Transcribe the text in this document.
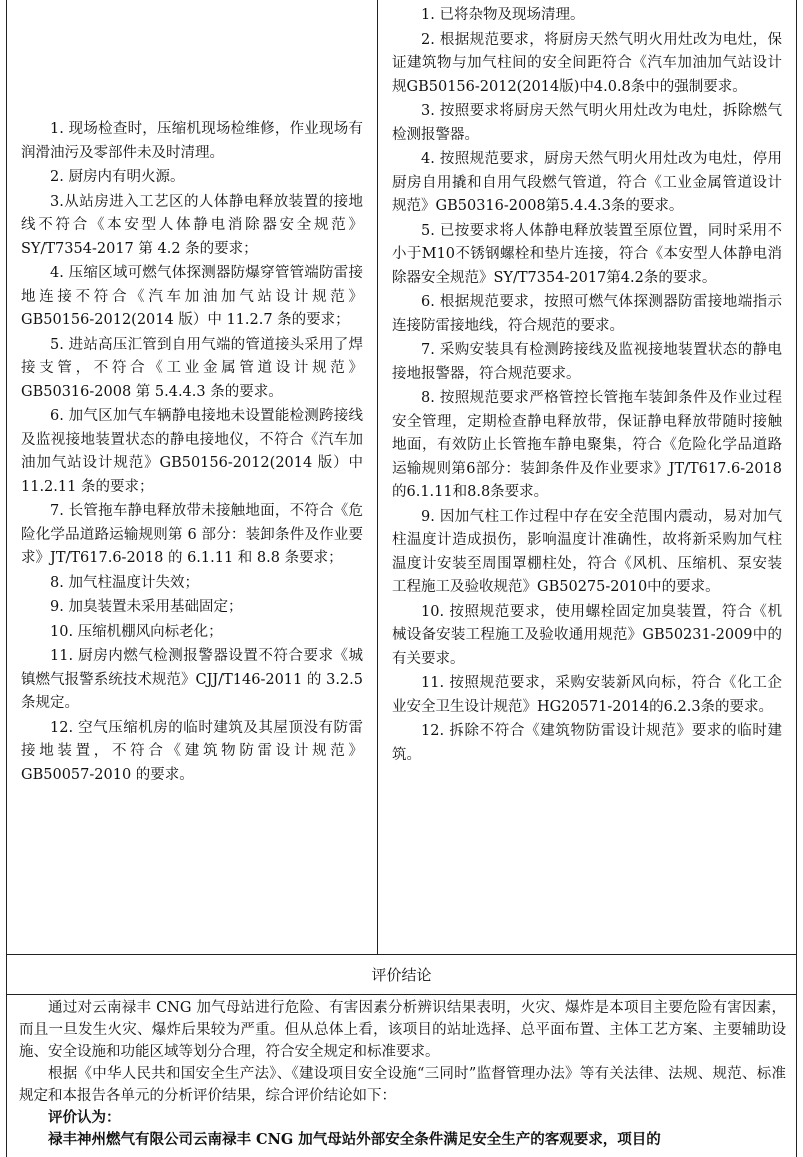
1. 现场检查时，压缩机现场检维修，作业现场有润滑油污及零部件未及时清理。

2. 厨房内有明火源。

3.从站房进入工艺区的人体静电释放装置的接地线不符合《本安型人体静电消除器安全规范》SY/T7354-2017 第 4.2 条的要求；

4. 压缩区域可燃气体探测器防爆穿管管端防雷接地连接不符合《汽车加油加气站设计规范》GB50156-2012(2014 版）中 11.2.7 条的要求；

5. 进站高压汇管到自用气端的管道接头采用了焊接支管，不符合《工业金属管道设计规范》GB50316-2008 第 5.4.4.3 条的要求。

6. 加气区加气车辆静电接地未设置能检测跨接线及监视接地装置状态的静电接地仪，不符合《汽车加油加气站设计规范》GB50156-2012(2014 版）中 11.2.11 条的要求；

7. 长管拖车静电释放带未接触地面，不符合《危险化学品道路运输规则第 6 部分：装卸条件及作业要求》JT/T617.6-2018 的 6.1.11 和 8.8 条要求；

8. 加气柱温度计失效；

9. 加臭装置未采用基础固定；

10. 压缩机棚风向标老化；

11. 厨房内燃气检测报警器设置不符合要求《城镇燃气报警系统技术规范》CJJ/T146-2011 的 3.2.5 条规定。

12. 空气压缩机房的临时建筑及其屋顶没有防雷接地装置，不符合《建筑物防雷设计规范》GB50057-2010 的要求。

1. 已将杂物及现场清理。

2. 根据规范要求，将厨房天然气明火用灶改为电灶，保证建筑物与加气柱间的安全间距符合《汽车加油加气站设计规GB50156-2012(2014版)中4.0.8条中的强制要求。

3. 按照要求将厨房天然气明火用灶改为电灶，拆除燃气检测报警器。

4. 按照规范要求，厨房天然气明火用灶改为电灶，停用厨房自用撬和自用气段燃气管道，符合《工业金属管道设计规范》GB50316-2008第5.4.4.3条的要求。

5. 已按要求将人体静电释放装置至原位置，同时采用不小于M10不锈钢螺栓和垫片连接，符合《本安型人体静电消除器安全规范》SY/T7354-2017第4.2条的要求。

6. 根据规范要求，按照可燃气体探测器防雷接地端指示连接防雷接地线，符合规范的要求。

7. 采购安装具有检测跨接线及监视接地装置状态的静电接地报警器，符合规范要求。

8. 按照规范要求严格管控长管拖车装卸条件及作业过程安全管理，定期检查静电释放带，保证静电释放带随时接触地面，有效防止长管拖车静电聚集，符合《危险化学品道路运输规则第6部分：装卸条件及作业要求》JT/T617.6-2018的6.1.11和8.8条要求。

9. 因加气柱工作过程中存在安全范围内震动，易对加气柱温度计造成损伤，影响温度计准确性，故将新采购加气柱温度计安装至周围罩棚柱处，符合《风机、压缩机、泵安装工程施工及验收规范》GB50275-2010中的要求。

10. 按照规范要求，使用螺栓固定加臭装置，符合《机械设备安装工程施工及验收通用规范》GB50231-2009中的有关要求。

11. 按照规范要求，采购安装新风向标，符合《化工企业安全卫生设计规范》HG20571-2014的6.2.3条的要求。

12. 拆除不符合《建筑物防雷设计规范》要求的临时建筑。

评价结论

通过对云南禄丰 CNG 加气母站进行危险、有害因素分析辨识结果表明，火灾、爆炸是本项目主要危险有害因素，而且一旦发生火灾、爆炸后果较为严重。但从总体上看，该项目的站址选择、总平面布置、主体工艺方案、主要辅助设施、安全设施和功能区域等划分合理，符合安全规定和标准要求。

根据《中华人民共和国安全生产法》、《建设项目安全设施“三同时”监督管理办法》等有关法律、法规、规范、标准规定和本报告各单元的分析评价结果，综合评价结论如下：

评价认为：

禄丰神州燃气有限公司云南禄丰 CNG 加气母站外部安全条件满足安全生产的客观要求，项目的
